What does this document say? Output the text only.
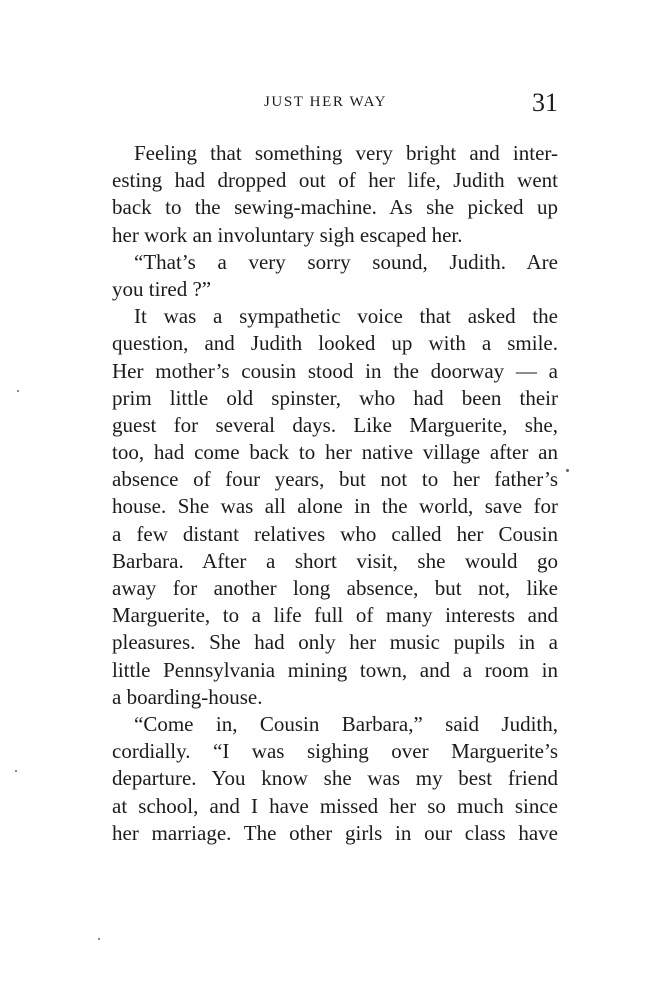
JUST HER WAY	31
Feeling that something very bright and inter-
esting had dropped out of her life, Judith went
back to the sewing-machine. As she picked up
her work an involuntary sigh escaped her.
“That’s a very sorry sound, Judith. Are
you tired ?”
It was a sympathetic voice that asked the
question, and Judith looked up with a smile.
Her mother’s cousin stood in the doorway — a
prim little old spinster, who had been their
guest for several days. Like Marguerite, she,
too, had come back to her native village after an
absence of four years, but not to her father’s
house. She was all alone in the world, save for
a few distant relatives who called her Cousin
Barbara. After a short visit, she would go
away for another long absence, but not, like
Marguerite, to a life full of many interests and
pleasures. She had only her music pupils in a
little Pennsylvania mining town, and a room in
a boarding-house.
“Come in, Cousin Barbara,” said Judith,
cordially. “I was sighing over Marguerite’s
departure. You know she was my best friend
at school, and I have missed her so much since
her marriage. The other girls in our class have
